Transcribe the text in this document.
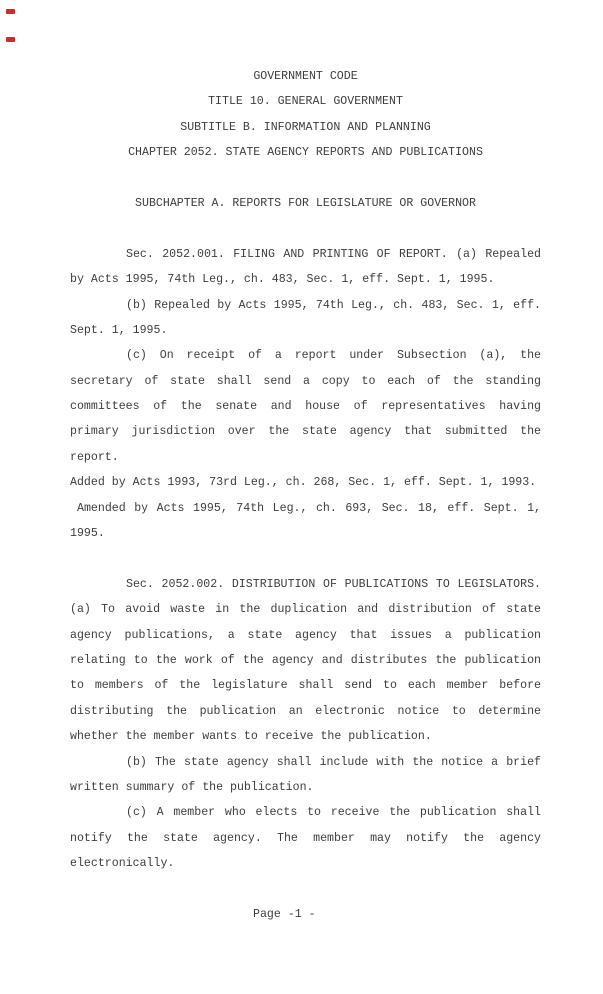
GOVERNMENT CODE
TITLE 10. GENERAL GOVERNMENT
SUBTITLE B. INFORMATION AND PLANNING
CHAPTER 2052. STATE AGENCY REPORTS AND PUBLICATIONS
SUBCHAPTER A. REPORTS FOR LEGISLATURE OR GOVERNOR
Sec. 2052.001. FILING AND PRINTING OF REPORT. (a) Repealed
by Acts 1995, 74th Leg., ch. 483, Sec. 1, eff. Sept. 1, 1995.
(b) Repealed by Acts 1995, 74th Leg., ch. 483, Sec. 1, eff.
Sept. 1, 1995.
(c) On receipt of a report under Subsection (a), the
secretary of state shall send a copy to each of the standing
committees of the senate and house of representatives having
primary jurisdiction over the state agency that submitted the
report.
Added by Acts 1993, 73rd Leg., ch. 268, Sec. 1, eff. Sept. 1, 1993.
Amended by Acts 1995, 74th Leg., ch. 693, Sec. 18, eff. Sept. 1,
1995.
Sec. 2052.002. DISTRIBUTION OF PUBLICATIONS TO LEGISLATORS.
(a) To avoid waste in the duplication and distribution of state
agency publications, a state agency that issues a publication
relating to the work of the agency and distributes the publication
to members of the legislature shall send to each member before
distributing the publication an electronic notice to determine
whether the member wants to receive the publication.
(b) The state agency shall include with the notice a brief
written summary of the publication.
(c) A member who elects to receive the publication shall
notify the state agency. The member may notify the agency
electronically.
Page -1 -
